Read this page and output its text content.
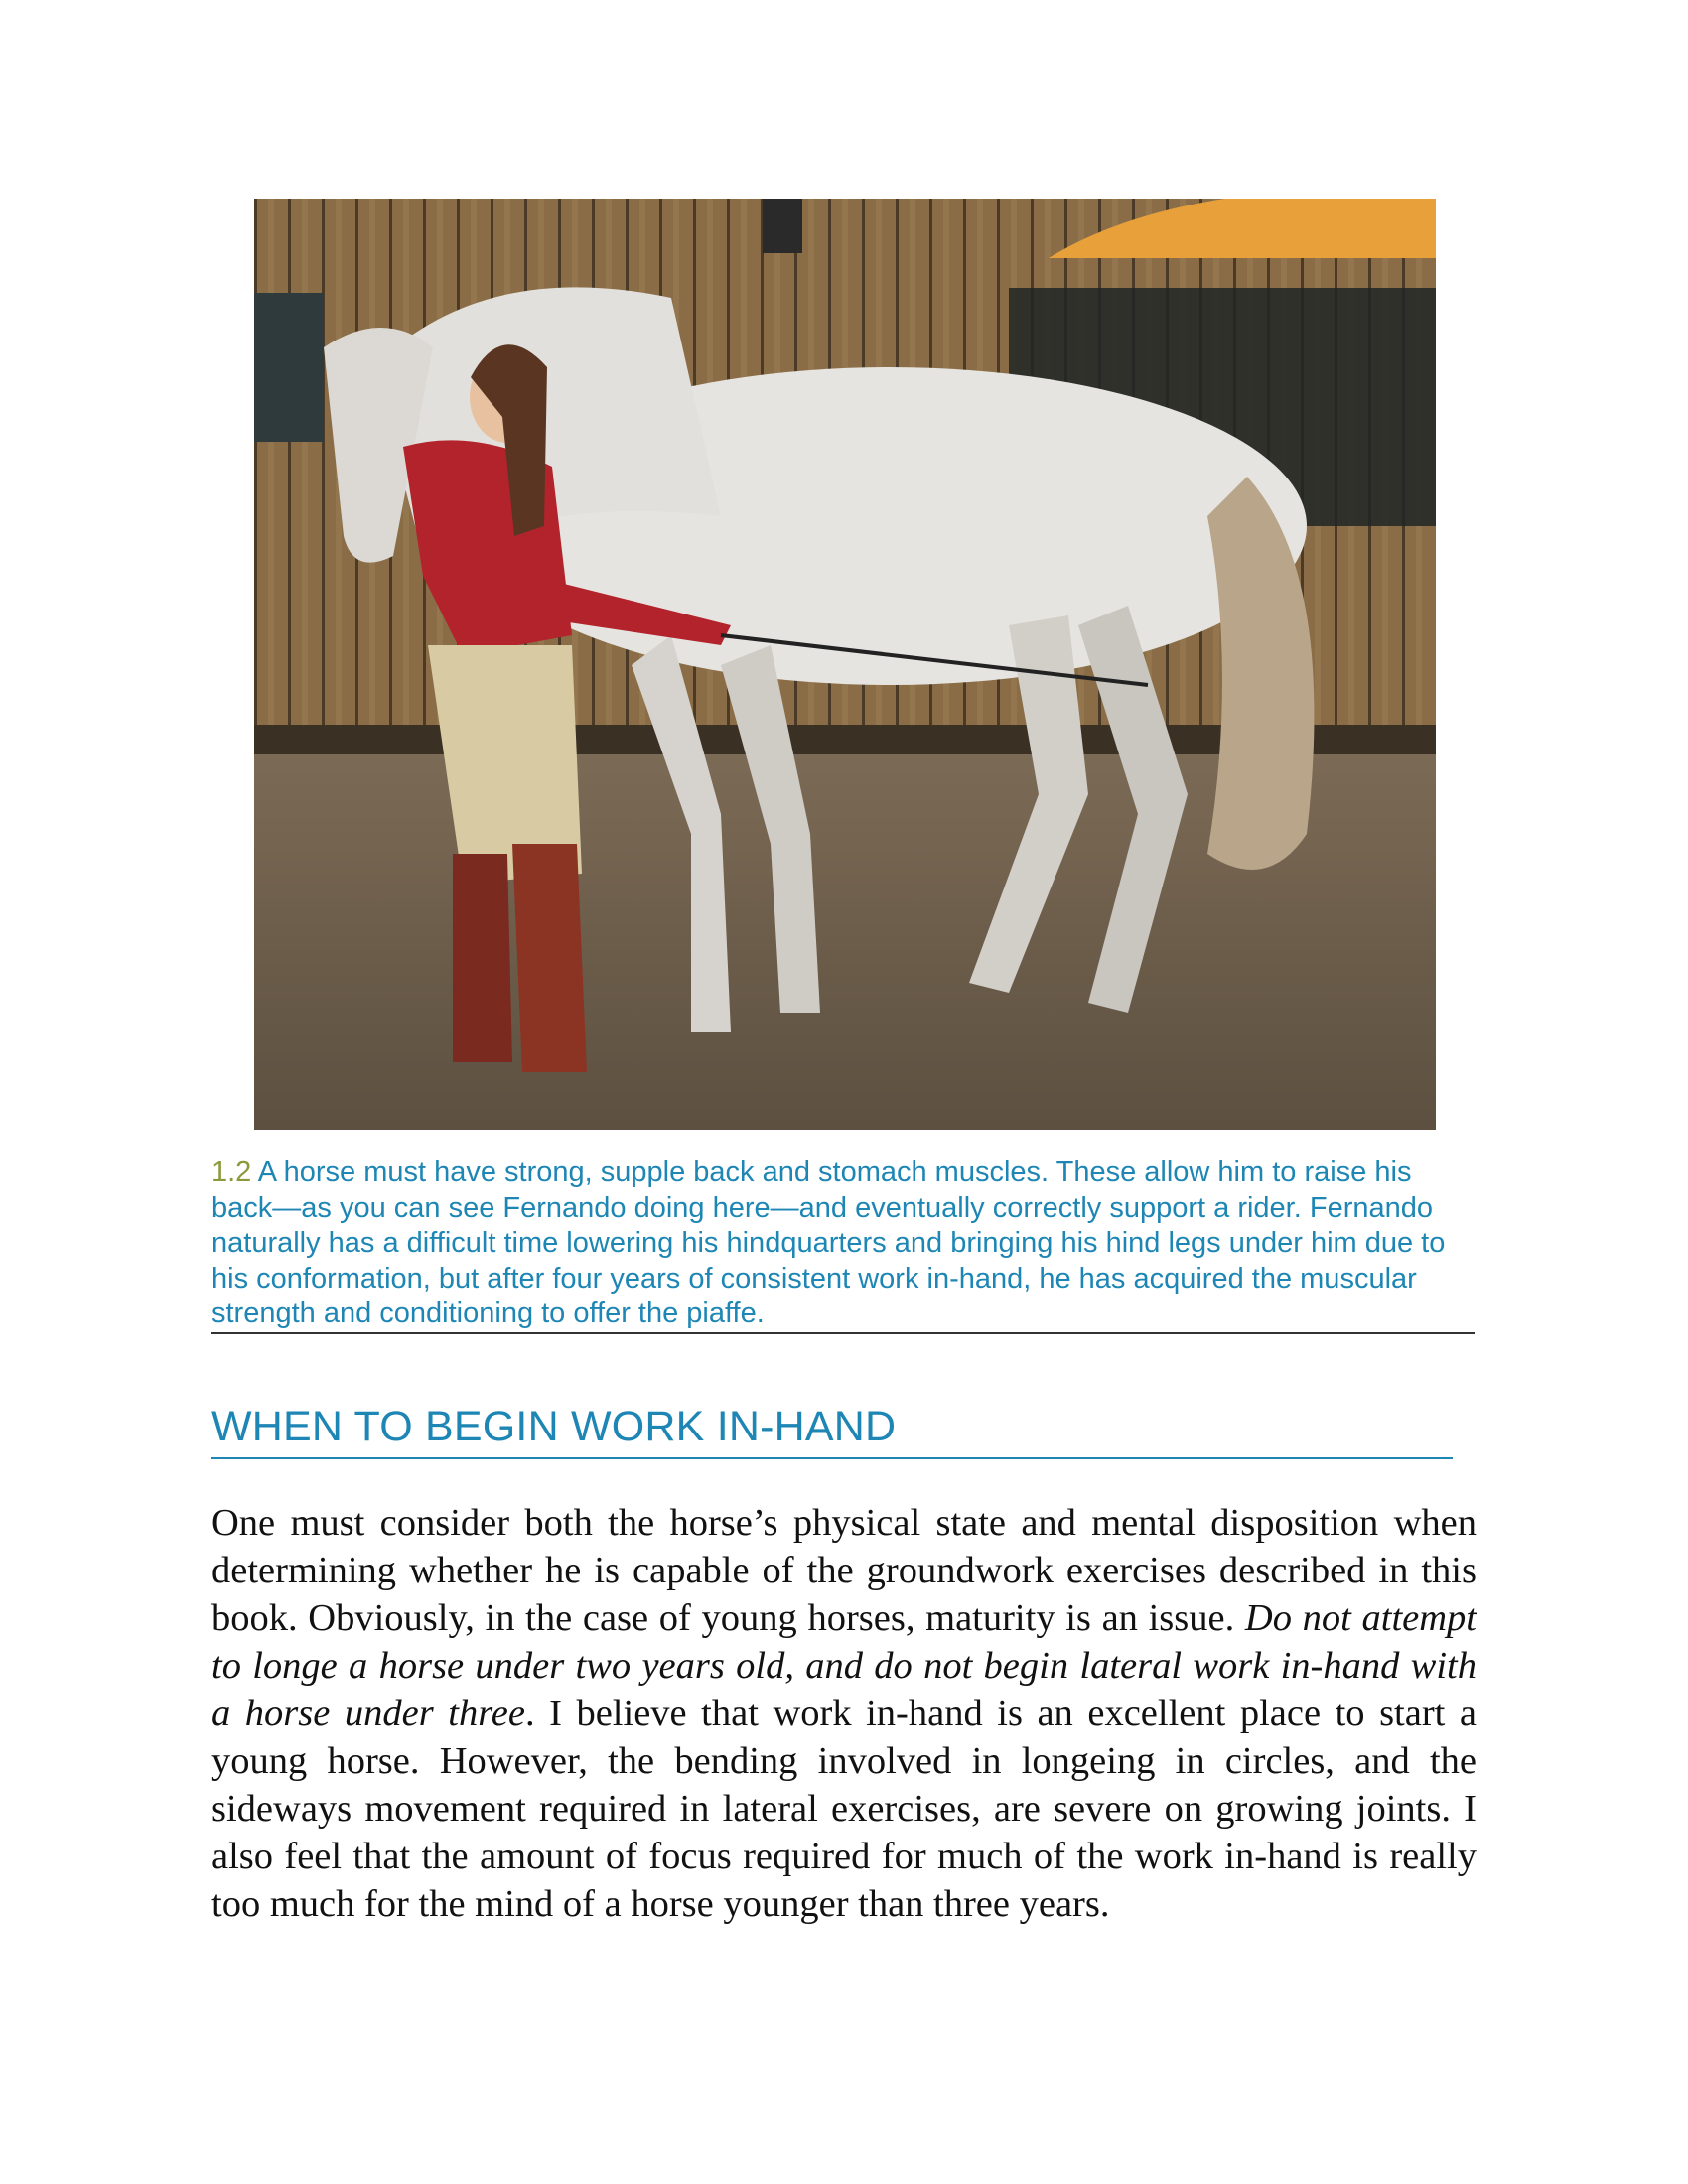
1.2 A horse must have strong, supple back and stomach muscles. These allow him to raise his back—as you can see Fernando doing here—and eventually correctly support a rider. Fernando naturally has a difficult time lowering his hindquarters and bringing his hind legs under him due to his conformation, but after four years of consistent work in-hand, he has acquired the muscular strength and conditioning to offer the piaffe.

WHEN TO BEGIN WORK IN-HAND

One must consider both the horse’s physical state and mental disposition when determining whether he is capable of the groundwork exercises described in this book. Obviously, in the case of young horses, maturity is an issue. Do not attempt to longe a horse under two years old, and do not begin lateral work in-hand with a horse under three. I believe that work in-hand is an excellent place to start a young horse. However, the bending involved in longeing in circles, and the sideways movement required in lateral exercises, are severe on growing joints. I also feel that the amount of focus required for much of the work in-hand is really too much for the mind of a horse younger than three years.
